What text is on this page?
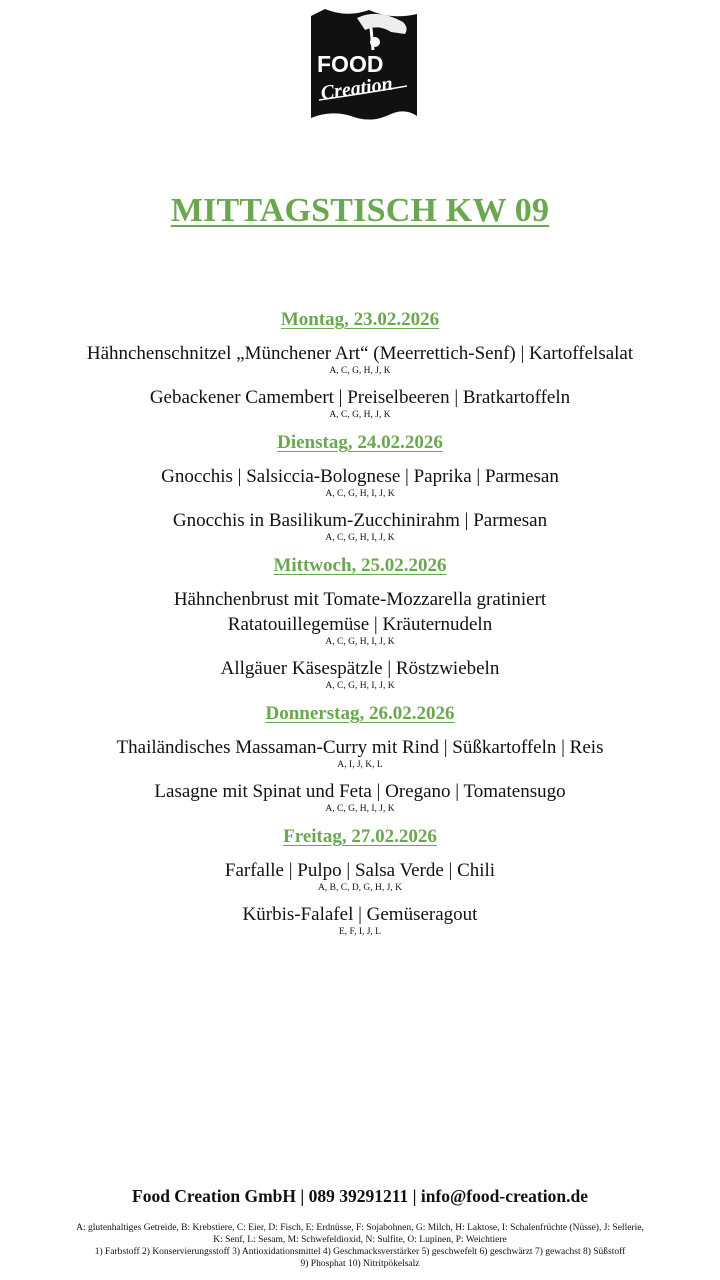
FOOD
Creation
MITTAGSTISCH KW 09
Montag, 23.02.2026
Hähnchenschnitzel „Münchener Art“ (Meerrettich-Senf) | Kartoffelsalat
A, C, G, H, J, K
Gebackener Camembert | Preiselbeeren | Bratkartoffeln
A, C, G, H, J, K
Dienstag, 24.02.2026
Gnocchis | Salsiccia-Bolognese | Paprika | Parmesan
A, C, G, H, I, J, K
Gnocchis in Basilikum-Zucchinirahm | Parmesan
A, C, G, H, I, J, K
Mittwoch, 25.02.2026
Hähnchenbrust mit Tomate-Mozzarella gratiniert
Ratatouillegemüse | Kräuternudeln
A, C, G, H, I, J, K
Allgäuer Käsespätzle | Röstzwiebeln
A, C, G, H, I, J, K
Donnerstag, 26.02.2026
Thailändisches Massaman-Curry mit Rind | Süßkartoffeln | Reis
A, I, J, K, L
Lasagne mit Spinat und Feta | Oregano | Tomatensugo
A, C, G, H, I, J, K
Freitag, 27.02.2026
Farfalle | Pulpo | Salsa Verde | Chili
A, B, C, D, G, H, J, K
Kürbis-Falafel | Gemüseragout
E, F, I, J, L
Food Creation GmbH | 089 39291211 | info@food-creation.de
A: glutenhaltiges Getreide, B: Krebstiere, C: Eier, D: Fisch, E: Erdnüsse, F: Sojabohnen, G: Milch, H: Laktose, I: Schalenfrüchte (Nüsse), J: Sellerie,
K: Senf, L: Sesam, M: Schwefeldioxid, N: Sulfite, O: Lupinen, P: Weichtiere
1) Farbstoff 2) Konservierungsstoff 3) Antioxidationsmittel 4) Geschmacksverstärker 5) geschwefelt 6) geschwärzt 7) gewachst 8) Süßstoff
9) Phosphat 10) Nitritpökelsalz
